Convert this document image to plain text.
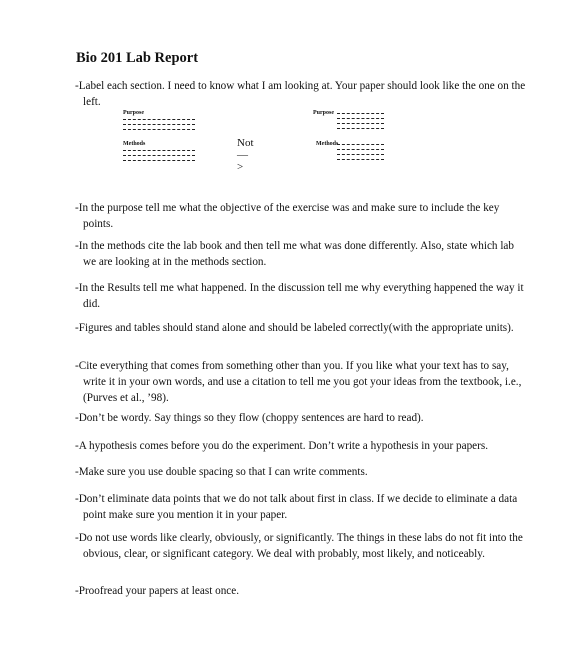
Bio 201 Lab Report

-Label each section. I need to know what I am looking at. Your paper should look like the one on the left.

Purpose
Methods	Not—>
Purpose
Methods

-In the purpose tell me what the objective of the exercise was and make sure to include the key points.

-In the methods cite the lab book and then tell me what was done differently. Also, state which lab we are looking at in the methods section.

-In the Results tell me what happened. In the discussion tell me why everything happened the way it did.

-Figures and tables should stand alone and should be labeled correctly(with the appropriate units).

-Cite everything that comes from something other than you. If you like what your text has to say, write it in your own words, and use a citation to tell me you got your ideas from the textbook, i.e., (Purves et al., ’98).

-Don’t be wordy. Say things so they flow (choppy sentences are hard to read).

-A hypothesis comes before you do the experiment. Don’t write a hypothesis in your papers.

-Make sure you use double spacing so that I can write comments.

-Don’t eliminate data points that we do not talk about first in class. If we decide to eliminate a data point make sure you mention it in your paper.

-Do not use words like clearly, obviously, or significantly. The things in these labs do not fit into the obvious, clear, or significant category. We deal with probably, most likely, and noticeably.

-Proofread your papers at least once.
